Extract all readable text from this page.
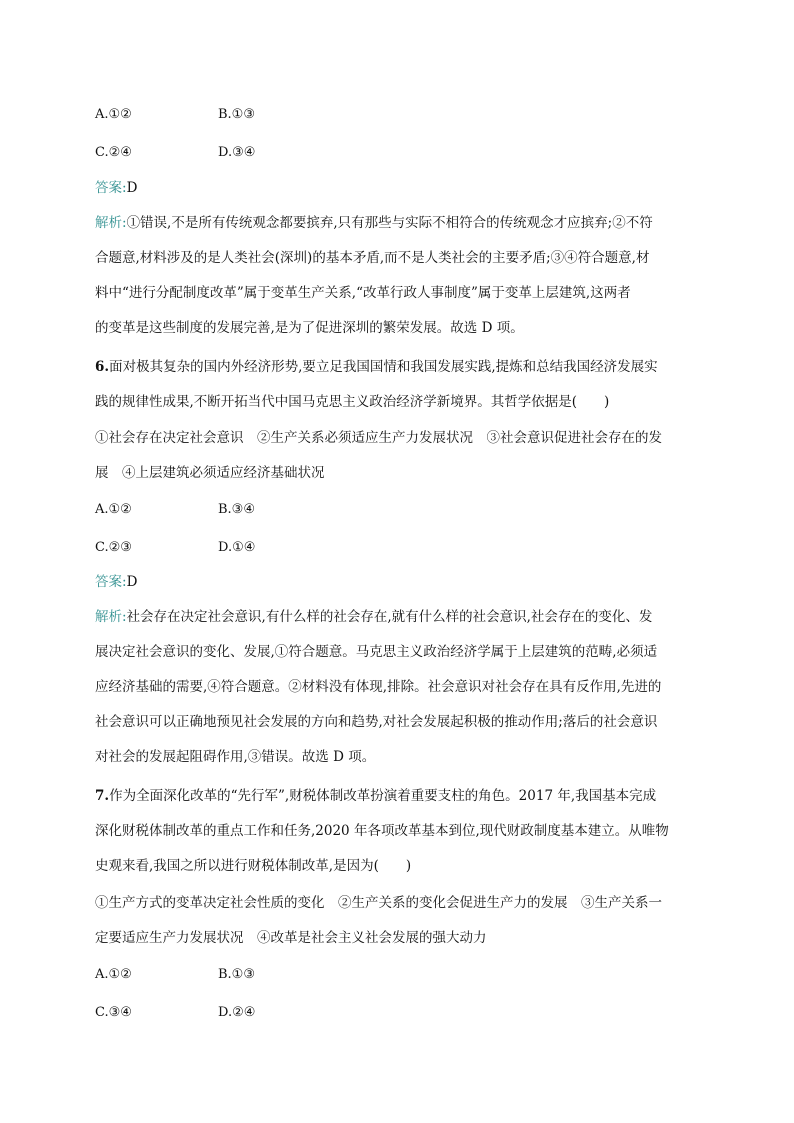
A.①②	B.①③
C.②④	D.③④
答案:D
解析:①错误,不是所有传统观念都要摈弃,只有那些与实际不相符合的传统观念才应摈弃;②不符
合题意,材料涉及的是人类社会(深圳)的基本矛盾,而不是人类社会的主要矛盾;③④符合题意,材
料中“进行分配制度改革”属于变革生产关系,“改革行政人事制度”属于变革上层建筑,这两者
的变革是这些制度的发展完善,是为了促进深圳的繁荣发展。故选 D 项。
6.面对极其复杂的国内外经济形势,要立足我国国情和我国发展实践,提炼和总结我国经济发展实
践的规律性成果,不断开拓当代中国马克思主义政治经济学新境界。其哲学依据是(　　)
①社会存在决定社会意识　②生产关系必须适应生产力发展状况　③社会意识促进社会存在的发
展　④上层建筑必须适应经济基础状况
A.①②	B.③④
C.②③	D.①④
答案:D
解析:社会存在决定社会意识,有什么样的社会存在,就有什么样的社会意识,社会存在的变化、发
展决定社会意识的变化、发展,①符合题意。马克思主义政治经济学属于上层建筑的范畴,必须适
应经济基础的需要,④符合题意。②材料没有体现,排除。社会意识对社会存在具有反作用,先进的
社会意识可以正确地预见社会发展的方向和趋势,对社会发展起积极的推动作用;落后的社会意识
对社会的发展起阻碍作用,③错误。故选 D 项。
7.作为全面深化改革的“先行军”,财税体制改革扮演着重要支柱的角色。2017 年,我国基本完成
深化财税体制改革的重点工作和任务,2020 年各项改革基本到位,现代财政制度基本建立。从唯物
史观来看,我国之所以进行财税体制改革,是因为(　　)
①生产方式的变革决定社会性质的变化　②生产关系的变化会促进生产力的发展　③生产关系一
定要适应生产力发展状况　④改革是社会主义社会发展的强大动力
A.①②	B.①③
C.③④	D.②④
